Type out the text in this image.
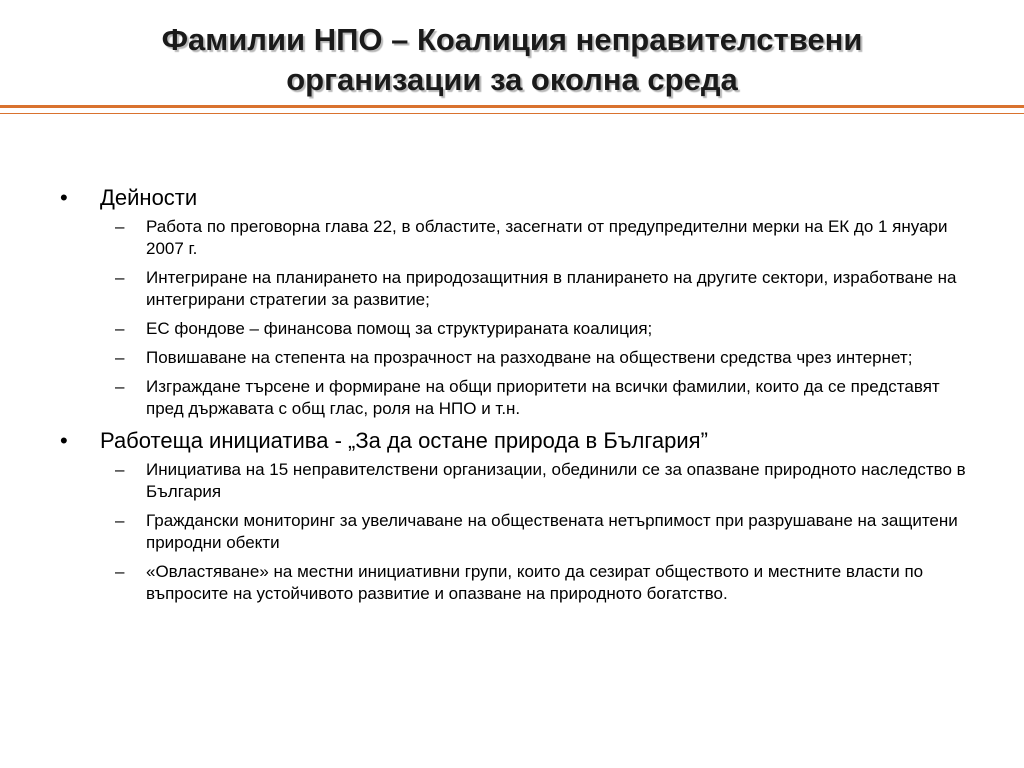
Фамилии НПО – Коалиция неправителствени
организации за околна среда
• Дейности
– Работа по преговорна глава 22, в областите, засегнати от предупредителни мерки на ЕК до 1 януари 2007 г.
– Интегриране на планирането на природозащитния в планирането на другите сектори, изработване на интегрирани стратегии за развитие;
– ЕС фондове – финансова помощ за структурираната коалиция;
– Повишаване на степента на прозрачност на разходване на обществени средства чрез интернет;
– Изграждане търсене и формиране на общи приоритети на всички фамилии, които да се представят пред държавата с общ глас, роля на НПО и т.н.
• Работеща инициатива - „За да остане природа в България”
– Инициатива на 15 неправителствени организации, обединили се за опазване природното наследство в България
– Граждански мониторинг за увеличаване на обществената нетърпимост при разрушаване на защитени природни обекти
– «Овластяване» на местни инициативни групи, които да сезират обществото и местните власти по въпросите на устойчивото развитие и опазване на природното богатство.
